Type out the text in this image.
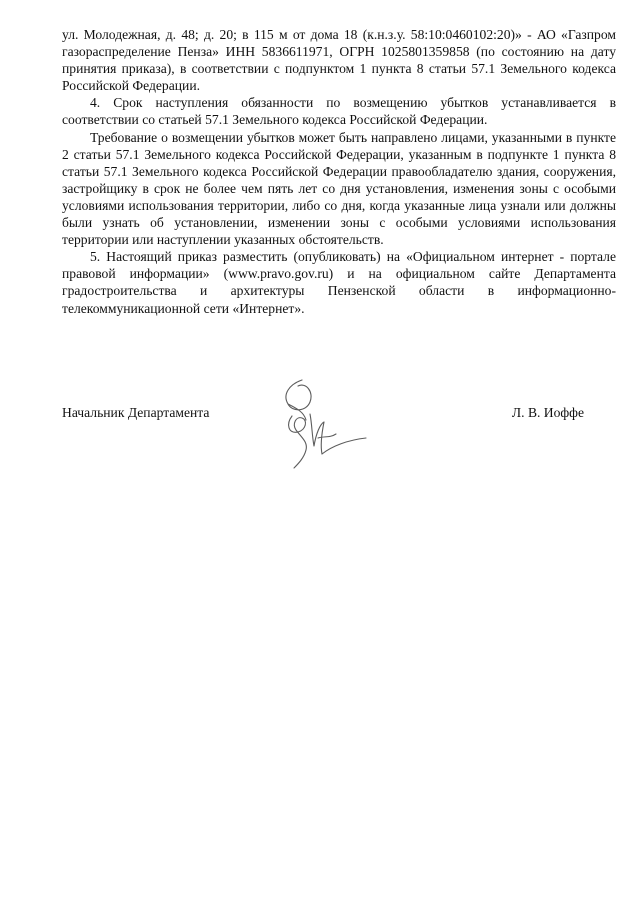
ул. Молодежная, д. 48; д. 20; в 115 м от дома 18 (к.н.з.у. 58:10:0460102:20)» - АО «Газпром газораспределение Пенза» ИНН 5836611971, ОГРН 1025801359858 (по состоянию на дату принятия приказа), в соответствии с подпунктом 1 пункта 8 статьи 57.1 Земельного кодекса Российской Федерации.

4. Срок наступления обязанности по возмещению убытков устанавливается в соответствии со статьей 57.1 Земельного кодекса Российской Федерации.

Требование о возмещении убытков может быть направлено лицами, указанными в пункте 2 статьи 57.1 Земельного кодекса Российской Федерации, указанным в подпункте 1 пункта 8 статьи 57.1 Земельного кодекса Российской Федерации правообладателю здания, сооружения, застройщику в срок не более чем пять лет со дня установления, изменения зоны с особыми условиями использования территории, либо со дня, когда указанные лица узнали или должны были узнать об установлении, изменении зоны с особыми условиями использования территории или наступлении указанных обстоятельств.

5. Настоящий приказ разместить (опубликовать) на «Официальном интернет - портале правовой информации» (www.pravo.gov.ru) и на официальном сайте Департамента градостроительства и архитектуры Пензенской области в информационно-телекоммуникационной сети «Интернет».

Начальник Департамента	Л. В. Иоффе
